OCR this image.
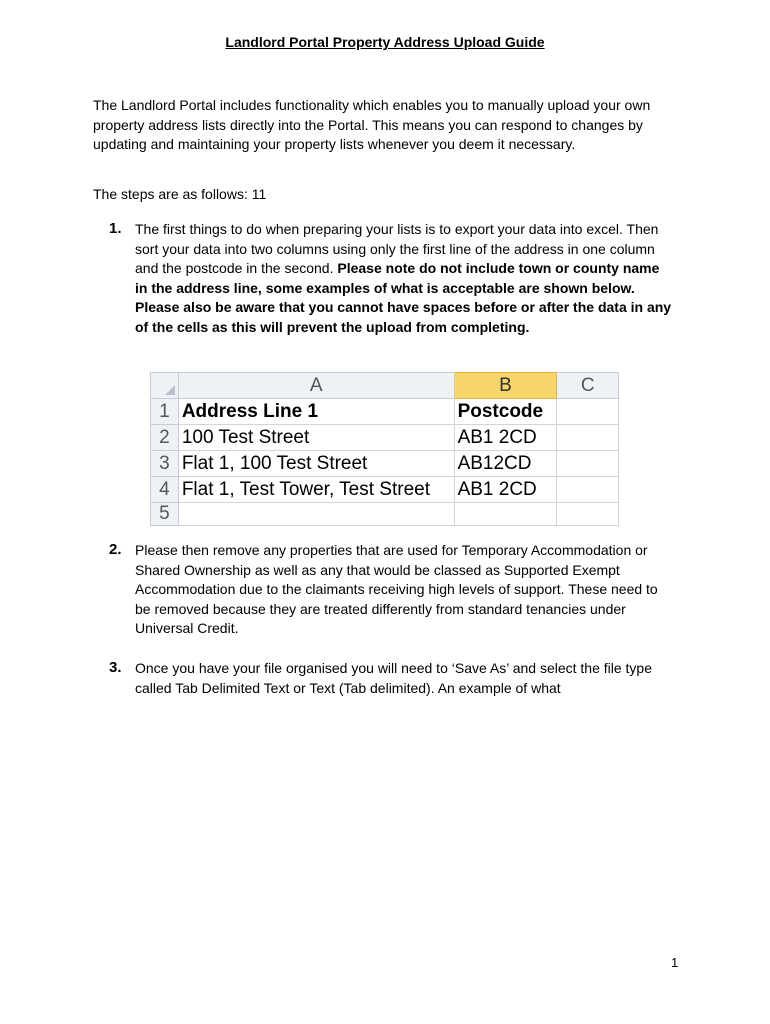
Landlord Portal Property Address Upload Guide

The Landlord Portal includes functionality which enables you to manually upload your own property address lists directly into the Portal. This means you can respond to changes by updating and maintaining your property lists whenever you deem it necessary.

The steps are as follows: 11

1. The first things to do when preparing your lists is to export your data into excel. Then sort your data into two columns using only the first line of the address in one column and the postcode in the second. Please note do not include town or county name in the address line, some examples of what is acceptable are shown below. Please also be aware that you cannot have spaces before or after the data in any of the cells as this will prevent the upload from completing.

	A	B	C
1	Address Line 1	Postcode	
2	100 Test Street	AB1 2CD	
3	Flat 1, 100 Test Street	AB12CD	
4	Flat 1, Test Tower, Test Street	AB1 2CD	
5			
2. Please then remove any properties that are used for Temporary Accommodation or Shared Ownership as well as any that would be classed as Supported Exempt Accommodation due to the claimants receiving high levels of support. These need to be removed because they are treated differently from standard tenancies under Universal Credit.

3. Once you have your file organised you will need to ‘Save As’ and select the file type called Tab Delimited Text or Text (Tab delimited). An example of what

1
